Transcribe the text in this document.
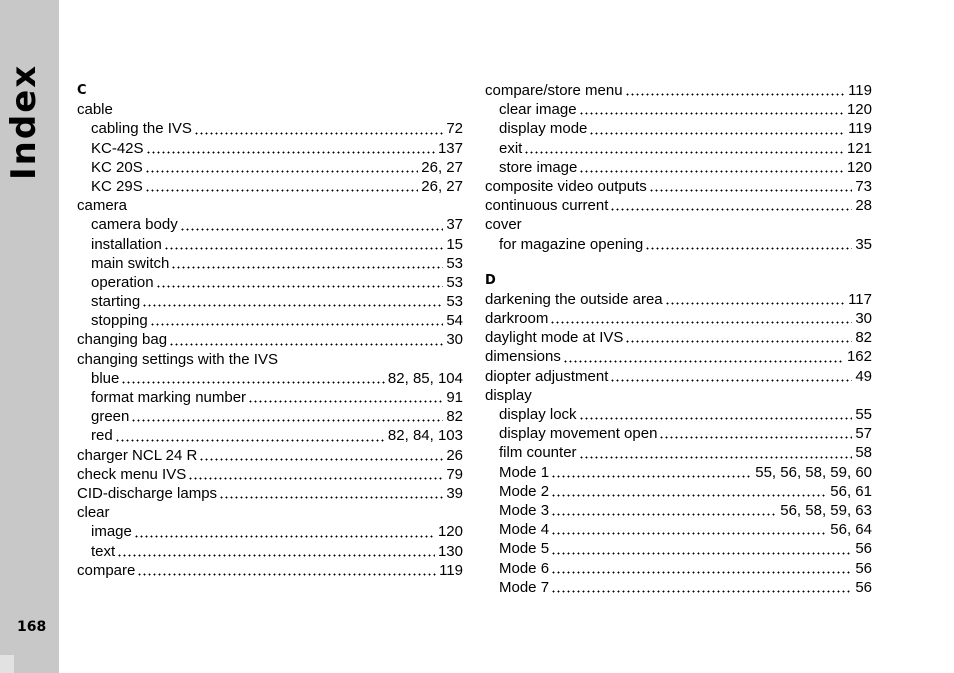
Index
168
C
cable
cabling the IVS	72
KC-42S	137
KC 20S	26, 27
KC 29S	26, 27
camera
camera body	37
installation	15
main switch	53
operation	53
starting	53
stopping	54
changing bag	30
changing settings with the IVS
blue	82, 85, 104
format marking number	91
green	82
red	82, 84, 103
charger NCL 24 R	26
check menu IVS	79
CID-discharge lamps	39
clear
image	120
text	130
compare	119
compare/store menu	119
clear image	120
display mode	119
exit	121
store image	120
composite video outputs	73
continuous current	28
cover
for magazine opening	35
D
darkening the outside area	117
darkroom	30
daylight mode at IVS	82
dimensions	162
diopter adjustment	49
display
display lock	55
display movement open	57
film counter	58
Mode 1	55, 56, 58, 59, 60
Mode 2	56, 61
Mode 3	56, 58, 59, 63
Mode 4	56, 64
Mode 5	56
Mode 6	56
Mode 7	56
